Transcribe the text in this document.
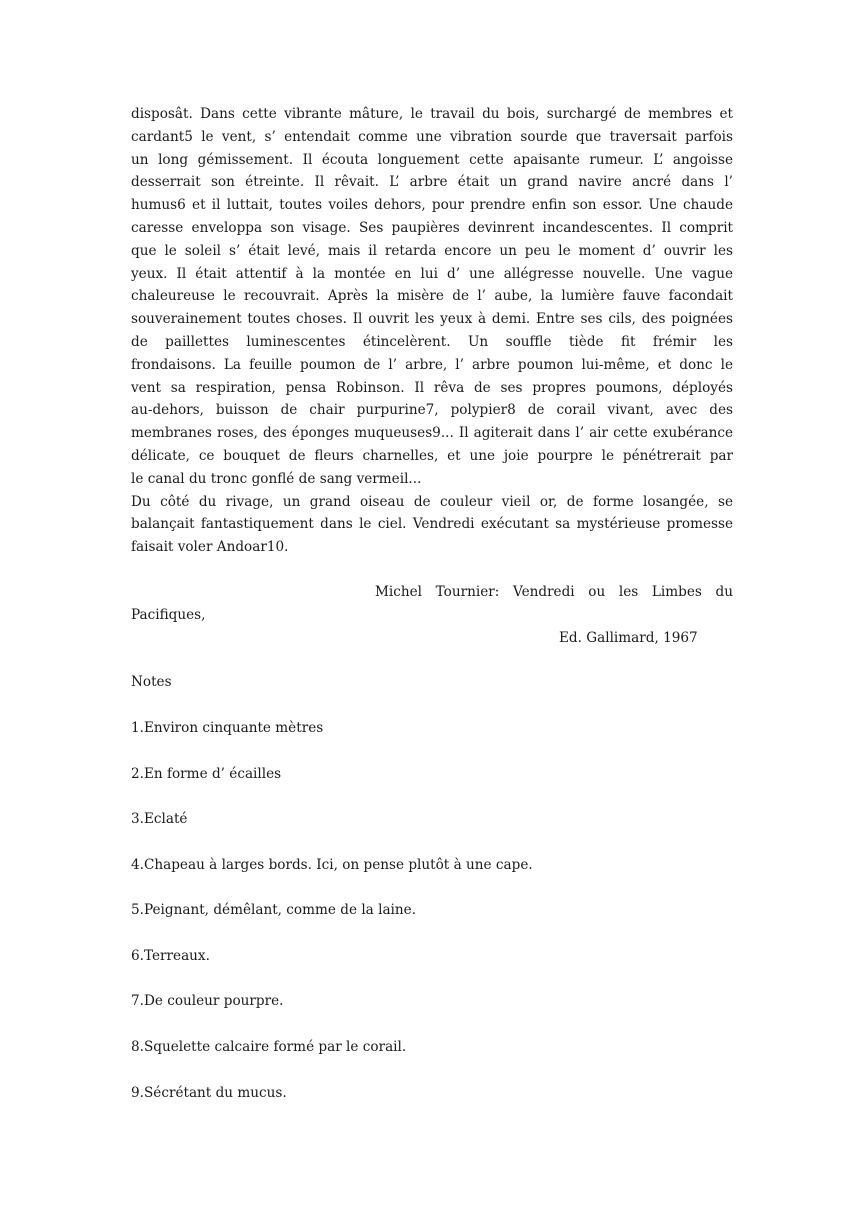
disposât. Dans cette vibrante mâture, le travail du bois, surchargé de membres et
cardant5 le vent, s’ entendait comme une vibration sourde que traversait parfois
un long gémissement. Il écouta longuement cette apaisante rumeur. L’ angoisse
desserrait son étreinte. Il rêvait. L’ arbre était un grand navire ancré dans l’
humus6 et il luttait, toutes voiles dehors, pour prendre enfin son essor. Une chaude
caresse enveloppa son visage. Ses paupières devinrent incandescentes. Il comprit
que le soleil s’ était levé, mais il retarda encore un peu le moment d’ ouvrir les
yeux. Il était attentif à la montée en lui d’ une allégresse nouvelle. Une vague
chaleureuse le recouvrait. Après la misère de l’ aube, la lumière fauve facondait
souverainement toutes choses. Il ouvrit les yeux à demi. Entre ses cils, des poignées
de paillettes luminescentes étincelèrent. Un souffle tiède fit frémir les
frondaisons. La feuille poumon de l’ arbre, l’ arbre poumon lui-même, et donc le
vent sa respiration, pensa Robinson. Il rêva de ses propres poumons, déployés
au-dehors, buisson de chair purpurine7, polypier8 de corail vivant, avec des
membranes roses, des éponges muqueuses9... Il agiterait dans l’ air cette exubérance
délicate, ce bouquet de fleurs charnelles, et une joie pourpre le pénétrerait par
le canal du tronc gonflé de sang vermeil...
Du côté du rivage, un grand oiseau de couleur vieil or, de forme losangée, se
balançait fantastiquement dans le ciel. Vendredi exécutant sa mystérieuse promesse
faisait voler Andoar10.
Michel Tournier: Vendredi ou les Limbes du
Pacifiques,
Ed. Gallimard, 1967
Notes
1.Environ cinquante mètres
2.En forme d’ écailles
3.Eclaté
4.Chapeau à larges bords. Ici, on pense plutôt à une cape.
5.Peignant, démêlant, comme de la laine.
6.Terreaux.
7.De couleur pourpre.
8.Squelette calcaire formé par le corail.
9.Sécrétant du mucus.
